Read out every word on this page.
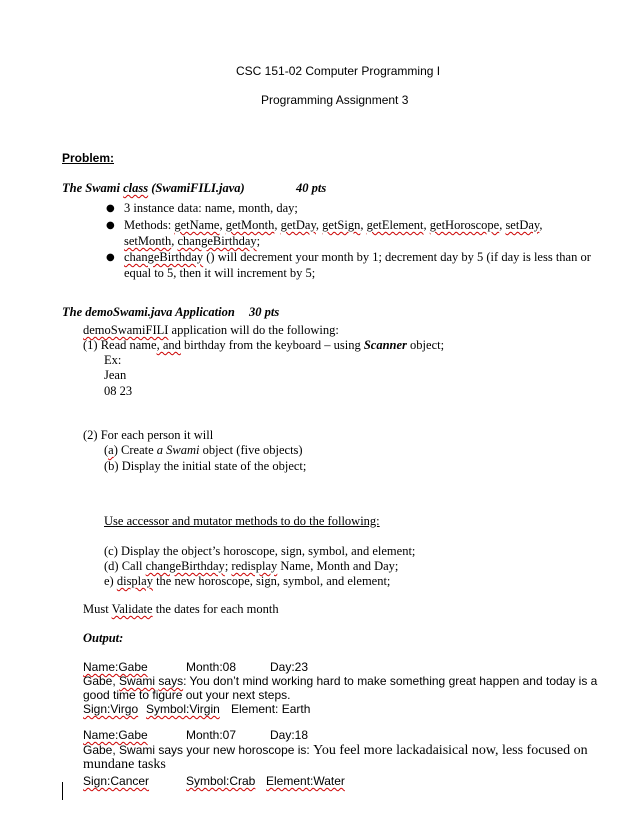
CSC 151-02 Computer Programming I
Programming Assignment 3
Problem:
The Swami class (SwamiFILI.java)	40 pts
● 3 instance data: name, month, day;
● Methods: getName, getMonth, getDay, getSign, getElement, getHoroscope, setDay,
setMonth, changeBirthday;
● changeBirthday () will decrement your month by 1; decrement day by 5 (if day is less than or
equal to 5, then it will increment by 5;
The demoSwami.java Application 30 pts
demoSwamiFILI application will do the following:
(1) Read name, and birthday from the keyboard – using Scanner object;
Ex:
Jean
08 23
(2) For each person it will
(a) Create a Swami object (five objects)
(b) Display the initial state of the object;
Use accessor and mutator methods to do the following:
(c) Display the object’s horoscope, sign, symbol, and element;
(d) Call changeBirthday; redisplay Name, Month and Day;
e) display the new horoscope, sign, symbol, and element;
Must Validate the dates for each month
Output:
Name:Gabe	Month:08	Day:23
Gabe, Swami says: You don’t mind working hard to make something great happen and today is a
good time to figure out your next steps.
Sign:Virgo Symbol:Virgin Element: Earth
Name:Gabe	Month:07	Day:18
Gabe, Swami says your new horoscope is: You feel more lackadaisical now, less focused on
mundane tasks
Sign:Cancer	Symbol:Crab Element:Water
